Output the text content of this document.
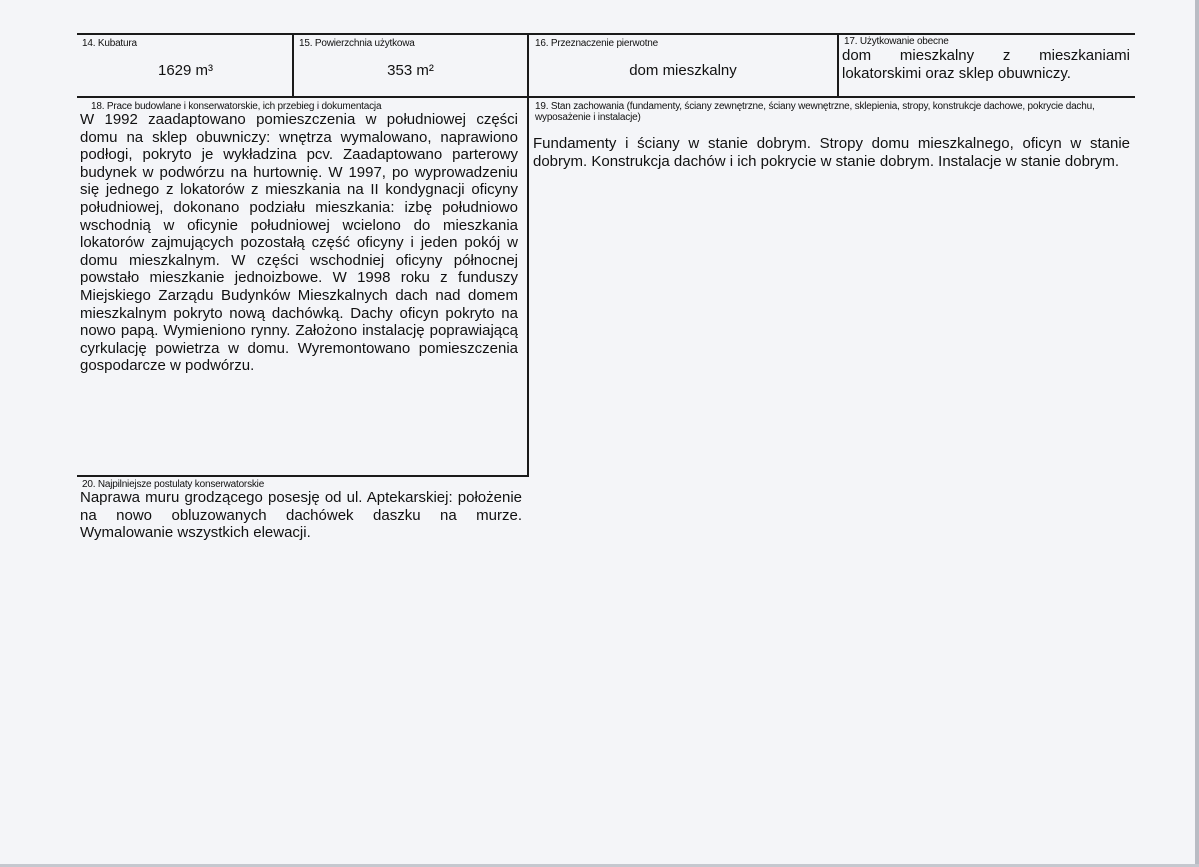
14. Kubatura
1629 m³
15. Powierzchnia użytkowa
353 m²
16. Przeznaczenie pierwotne
dom mieszkalny
17. Użytkowanie obecne
dom mieszkalny z mieszkaniami lokatorskimi oraz sklep obuwniczy.
18. Prace budowlane i konserwatorskie, ich przebieg i dokumentacja
W 1992 zaadaptowano pomieszczenia w południowej części domu na sklep obuwniczy: wnętrza wymalowano, naprawiono podłogi, pokryto je wykładzina pcv. Zaadaptowano parterowy budynek w podwórzu na hurtownię. W 1997, po wyprowadzeniu się jednego z lokatorów z mieszkania na II kondygnacji oficyny południowej, dokonano podziału mieszkania: izbę południowo wschodnią w oficynie południowej wcielono do mieszkania lokatorów zajmujących pozostałą część oficyny i jeden pokój w domu mieszkalnym. W części wschodniej oficyny północnej powstało mieszkanie jednoizbowe. W 1998 roku z funduszy Miejskiego Zarządu Budynków Mieszkalnych dach nad domem mieszkalnym pokryto nową dachówką. Dachy oficyn pokryto na nowo papą. Wymieniono rynny. Założono instalację poprawiającą cyrkulację powietrza w domu. Wyremontowano pomieszczenia gospodarcze w podwórzu.
19. Stan zachowania (fundamenty, ściany zewnętrzne, ściany wewnętrzne, sklepienia, stropy, konstrukcje dachowe, pokrycie dachu, wyposażenie i instalacje)
Fundamenty i ściany w stanie dobrym. Stropy domu mieszkalnego, oficyn w stanie dobrym. Konstrukcja dachów i ich pokrycie w stanie dobrym. Instalacje w stanie dobrym.
20. Najpilniejsze postulaty konserwatorskie
Naprawa muru grodzącego posesję od ul. Aptekarskiej: położenie na nowo obluzowanych dachówek daszku na murze. Wymalowanie wszystkich elewacji.
